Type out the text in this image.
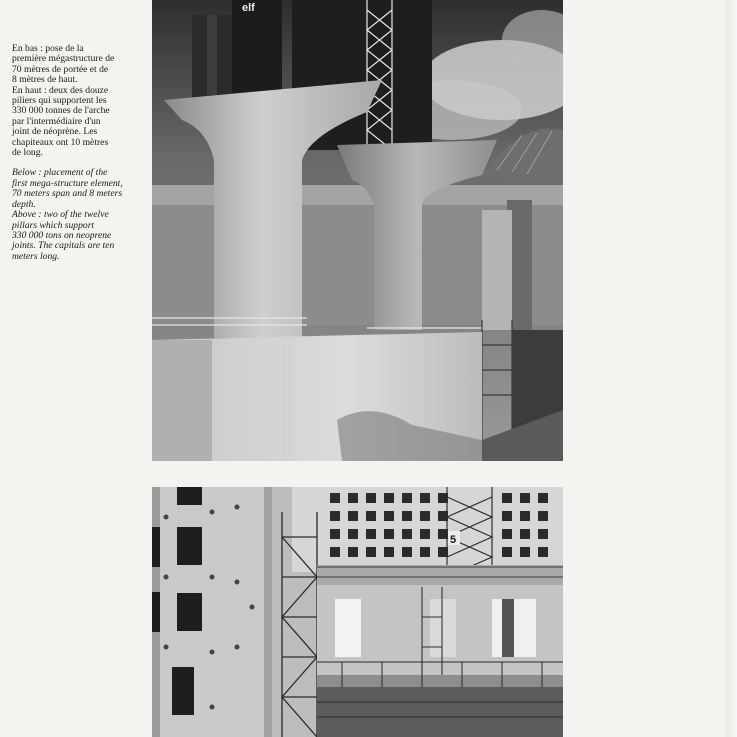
En bas : pose de la

première mégastructure de

70 mètres de portée et de

8 mètres de haut.

En haut : deux des douze

piliers qui supportent les

330 000 tonnes de l'arche

par l'intermédiaire d'un

joint de néoprène. Les

chapiteaux ont 10 mètres

de long.

Below : placement of the

first mega-structure element,

70 meters span and 8 meters

depth.

Above : two of the twelve

pillars which support

330 000 tons on neoprene

joints. The capitals are ten

meters long.

elf
5
